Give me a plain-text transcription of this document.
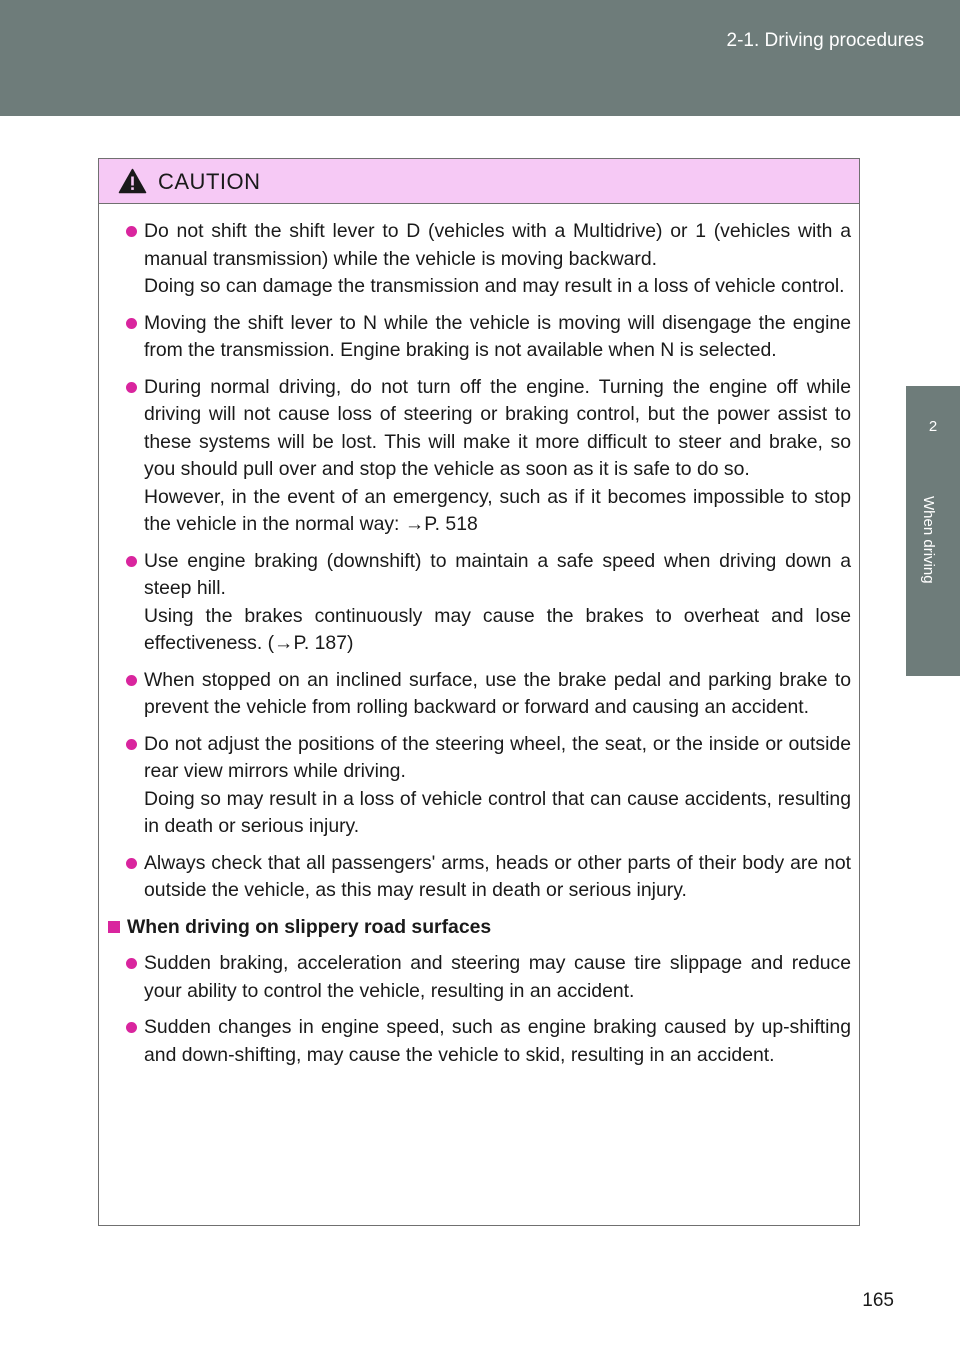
2-1. Driving procedures
2
When driving
CAUTION

Do not shift the shift lever to D (vehicles with a Multidrive) or 1 (vehicles with a manual transmission) while the vehicle is moving backward.

Doing so can damage the transmission and may result in a loss of vehicle control.

Moving the shift lever to N while the vehicle is moving will disengage the engine from the transmission. Engine braking is not available when N is selected.

During normal driving, do not turn off the engine. Turning the engine off while driving will not cause loss of steering or braking control, but the power assist to these systems will be lost. This will make it more difficult to steer and brake, so you should pull over and stop the vehicle as soon as it is safe to do so.

However, in the event of an emergency, such as if it becomes impossible to stop the vehicle in the normal way: →P. 518

Use engine braking (downshift) to maintain a safe speed when driving down a steep hill.

Using the brakes continuously may cause the brakes to overheat and lose effectiveness. (→P. 187)

When stopped on an inclined surface, use the brake pedal and parking brake to prevent the vehicle from rolling backward or forward and causing an accident.

Do not adjust the positions of the steering wheel, the seat, or the inside or outside rear view mirrors while driving.

Doing so may result in a loss of vehicle control that can cause accidents, resulting in death or serious injury.

Always check that all passengers' arms, heads or other parts of their body are not outside the vehicle, as this may result in death or serious injury.

When driving on slippery road surfaces

Sudden braking, acceleration and steering may cause tire slippage and reduce your ability to control the vehicle, resulting in an accident.

Sudden changes in engine speed, such as engine braking caused by up-shifting and down-shifting, may cause the vehicle to skid, resulting in an accident.

165
